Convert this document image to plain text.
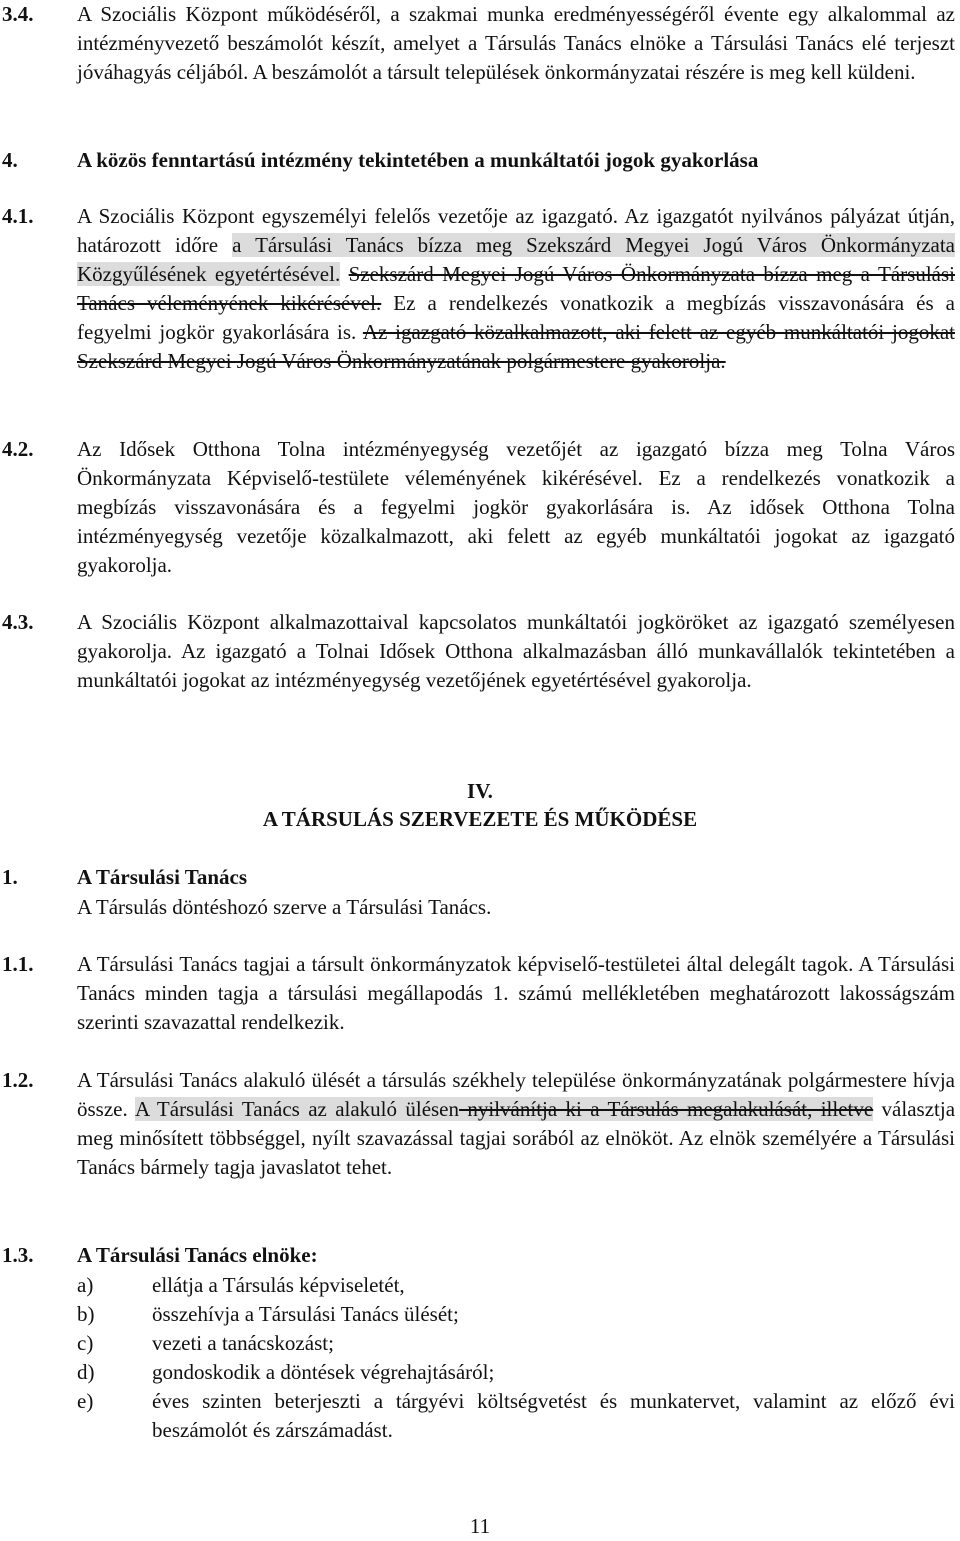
3.4. A Szociális Központ működéséről, a szakmai munka eredményességéről évente egy alkalommal az intézményvezető beszámolót készít, amelyet a Társulás Tanács elnöke a Társulási Tanács elé terjeszt jóváhagyás céljából. A beszámolót a társult települések önkormányzatai részére is meg kell küldeni.
4.	A közös fenntartású intézmény tekintetében a munkáltatói jogok gyakorlása
4.1. A Szociális Központ egyszemélyi felelős vezetője az igazgató. Az igazgatót nyilvános pályázat útján, határozott időre a Társulási Tanács bízza meg Szekszárd Megyei Jogú Város Önkormányzata Közgyűlésének egyetértésével. Szekszárd Megyei Jogú Város Önkormányzata bízza meg a Társulási Tanács véleményének kikérésével. Ez a rendelkezés vonatkozik a megbízás visszavonására és a fegyelmi jogkör gyakorlására is. Az igazgató közalkalmazott, aki felett az egyéb munkáltatói jogokat Szekszárd Megyei Jogú Város Önkormányzatának polgármestere gyakorolja.
4.2. Az Idősek Otthona Tolna intézményegység vezetőjét az igazgató bízza meg Tolna Város Önkormányzata Képviselő-testülete véleményének kikérésével. Ez a rendelkezés vonatkozik a megbízás visszavonására és a fegyelmi jogkör gyakorlására is. Az idősek Otthona Tolna intézményegység vezetője közalkalmazott, aki felett az egyéb munkáltatói jogokat az igazgató gyakorolja.
4.3. A Szociális Központ alkalmazottaival kapcsolatos munkáltatói jogköröket az igazgató személyesen gyakorolja. Az igazgató a Tolnai Idősek Otthona alkalmazásban álló munkavállalók tekintetében a munkáltatói jogokat az intézményegység vezetőjének egyetértésével gyakorolja.
IV.
A TÁRSULÁS SZERVEZETE ÉS MŰKÖDÉSE
1.	A Társulási Tanács
A Társulás döntéshozó szerve a Társulási Tanács.
1.1. A Társulási Tanács tagjai a társult önkormányzatok képviselő-testületei által delegált tagok. A Társulási Tanács minden tagja a társulási megállapodás 1. számú mellékletében meghatározott lakosságszám szerinti szavazattal rendelkezik.
1.2. A Társulási Tanács alakuló ülését a társulás székhely települése önkormányzatának polgármestere hívja össze. A Társulási Tanács az alakuló ülésen nyilvánítja ki a Társulás megalakulását, illetve választja meg minősített többséggel, nyílt szavazással tagjai sorából az elnököt. Az elnök személyére a Társulási Tanács bármely tagja javaslatot tehet.
1.3. A Társulási Tanács elnöke:
a)	ellátja a Társulás képviseletét,
b)	összehívja a Társulási Tanács ülését;
c)	vezeti a tanácskozást;
d)	gondoskodik a döntések végrehajtásáról;
e)	éves szinten beterjeszti a tárgyévi költségvetést és munkatervet, valamint az előző évi beszámolót és zárszámadást.
11
